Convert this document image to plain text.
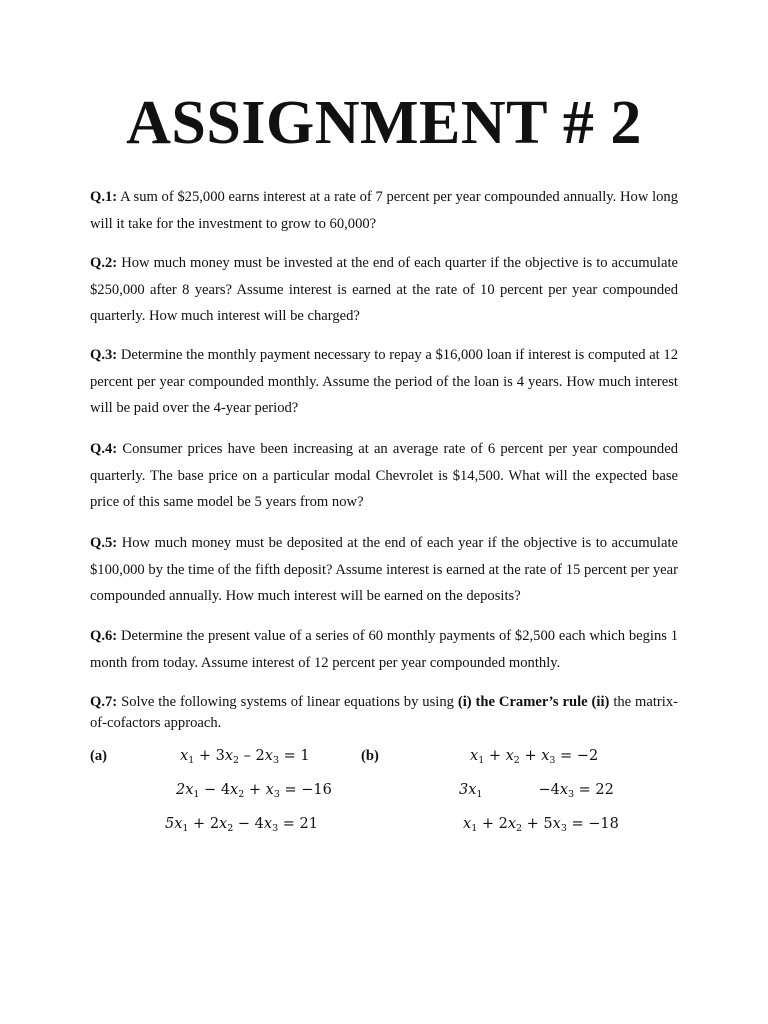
ASSIGNMENT # 2

Q.1: A sum of $25,000 earns interest at a rate of 7 percent per year compounded annually. How long will it take for the investment to grow to 60,000?

Q.2: How much money must be invested at the end of each quarter if the objective is to accumulate $250,000 after 8 years? Assume interest is earned at the rate of 10 percent per year compounded quarterly. How much interest will be charged?

Q.3: Determine the monthly payment necessary to repay a $16,000 loan if interest is computed at 12 percent per year compounded monthly. Assume the period of the loan is 4 years. How much interest will be paid over the 4-year period?

Q.4: Consumer prices have been increasing at an average rate of 6 percent per year compounded quarterly. The base price on a particular modal Chevrolet is $14,500. What will the expected base price of this same model be 5 years from now?

Q.5: How much money must be deposited at the end of each year if the objective is to accumulate $100,000 by the time of the fifth deposit? Assume interest is earned at the rate of 15 percent per year compounded annually. How much interest will be earned on the deposits?

Q.6: Determine the present value of a series of 60 monthly payments of $2,500 each which begins 1 month from today. Assume interest of 12 percent per year compounded monthly.

Q.7: Solve the following systems of linear equations by using (i) the Cramer’s rule (ii) the matrix-of-cofactors approach.

(a)	(b)
$x_1 + 3x_2 - 2x_3 = 1$
$2x_1 - 4x_2 + x_3 = -16$
$5x_1 + 2x_2 - 4x_3 = 21$
$x_1 + x_2 + x_3 = -2$
$3x_1$	$-4x_3 = 22$
$x_1 + 2x_2 + 5x_3 = -18$
